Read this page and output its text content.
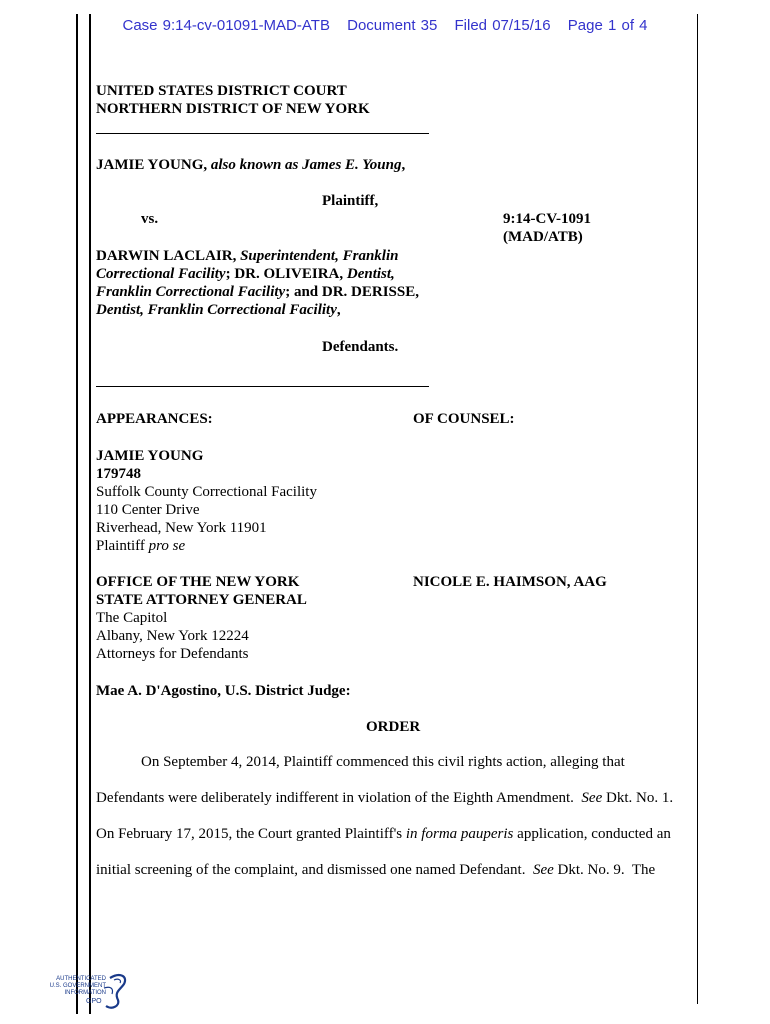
Case 9:14-cv-01091-MAD-ATB Document 35 Filed 07/15/16 Page 1 of 4
UNITED STATES DISTRICT COURT
NORTHERN DISTRICT OF NEW YORK
JAMIE YOUNG, also known as James E. Young,
Plaintiff,
vs.	9:14-CV-1091
(MAD/ATB)
DARWIN LACLAIR, Superintendent, Franklin
Correctional Facility; DR. OLIVEIRA, Dentist,
Franklin Correctional Facility; and DR. DERISSE,
Dentist, Franklin Correctional Facility,
Defendants.
APPEARANCES:	OF COUNSEL:
JAMIE YOUNG
179748
Suffolk County Correctional Facility
110 Center Drive
Riverhead, New York 11901
Plaintiff pro se
OFFICE OF THE NEW YORK	NICOLE E. HAIMSON, AAG
STATE ATTORNEY GENERAL
The Capitol
Albany, New York 12224
Attorneys for Defendants
Mae A. D'Agostino, U.S. District Judge:
ORDER
On September 4, 2014, Plaintiff commenced this civil rights action, alleging that
Defendants were deliberately indifferent in violation of the Eighth Amendment.  See Dkt. No. 1.
On February 17, 2015, the Court granted Plaintiff's in forma pauperis application, conducted an
initial screening of the complaint, and dismissed one named Defendant.  See Dkt. No. 9.  The
AUTHENTICATED
U.S. GOVERNMENT
INFORMATION
GPO
